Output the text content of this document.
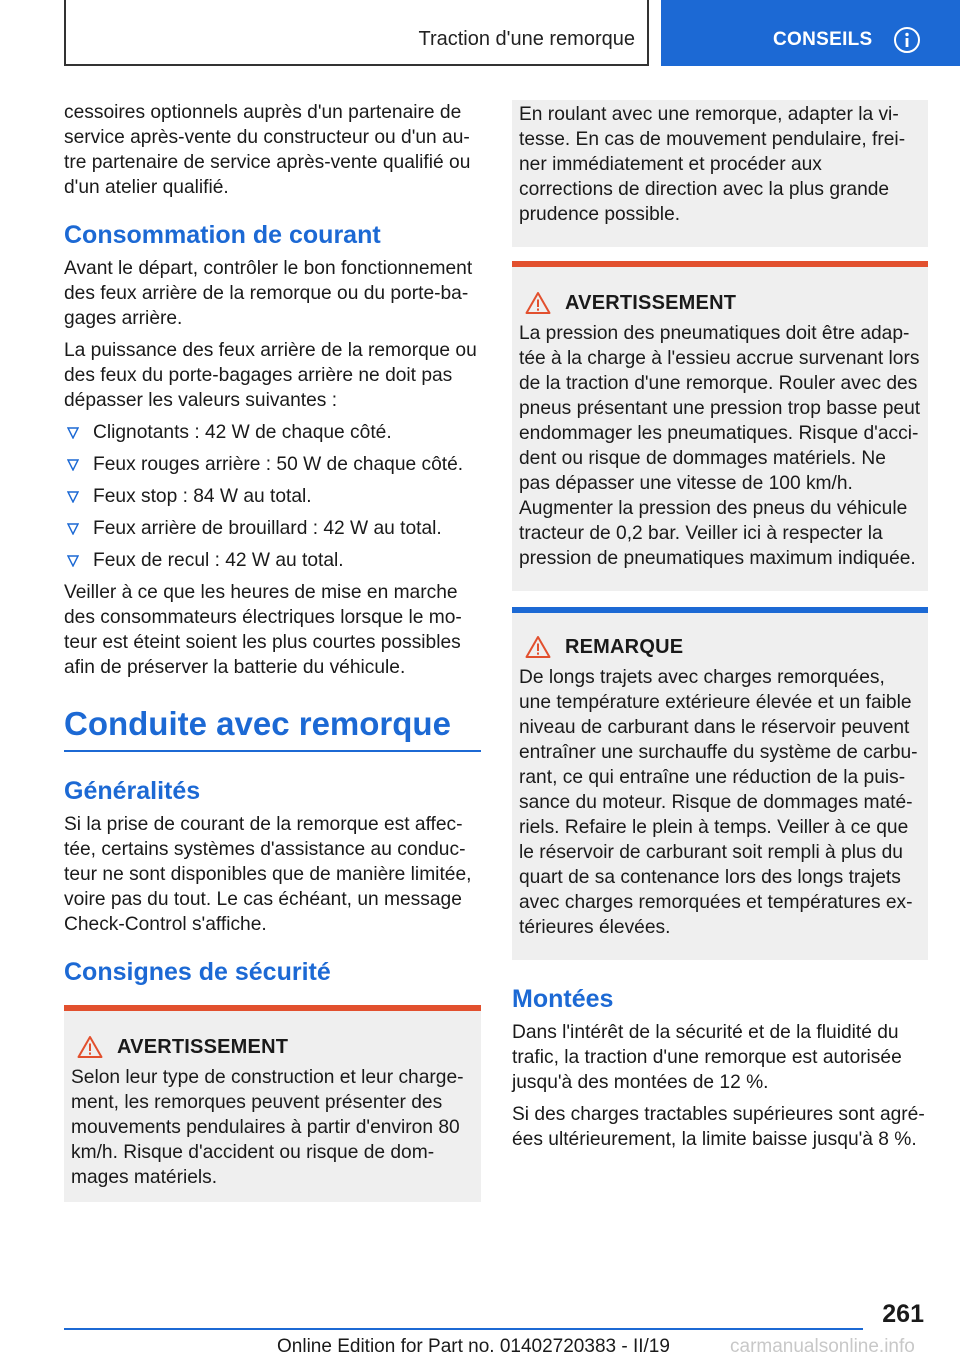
Traction d'une remorque	CONSEILS

cessoires optionnels auprès d'un partenaire de service après-vente du constructeur ou d'un autre partenaire de service après-vente qualifié ou d'un atelier qualifié.

Consommation de courant

Avant le départ, contrôler le bon fonctionnement des feux arrière de la remorque ou du porte-bagages arrière.

La puissance des feux arrière de la remorque ou des feux du porte-bagages arrière ne doit pas dépasser les valeurs suivantes :

Clignotants : 42 W de chaque côté.
Feux rouges arrière : 50 W de chaque côté.
Feux stop : 84 W au total.
Feux arrière de brouillard : 42 W au total.
Feux de recul : 42 W au total.

Veiller à ce que les heures de mise en marche des consommateurs électriques lorsque le moteur est éteint soient les plus courtes possibles afin de préserver la batterie du véhicule.

Conduite avec remorque
Généralités

Si la prise de courant de la remorque est affectée, certains systèmes d'assistance au conducteur ne sont disponibles que de manière limitée, voire pas du tout. Le cas échéant, un message Check-Control s'affiche.

Consignes de sécurité
AVERTISSEMENT

Selon leur type de construction et leur chargement, les remorques peuvent présenter des mouvements pendulaires à partir d'environ 80 km/h. Risque d'accident ou risque de dommages matériels.

En roulant avec une remorque, adapter la vitesse. En cas de mouvement pendulaire, freiner immédiatement et procéder aux corrections de direction avec la plus grande prudence possible.

AVERTISSEMENT

La pression des pneumatiques doit être adaptée à la charge à l'essieu accrue survenant lors de la traction d'une remorque. Rouler avec des pneus présentant une pression trop basse peut endommager les pneumatiques. Risque d'accident ou risque de dommages matériels. Ne pas dépasser une vitesse de 100 km/h. Augmenter la pression des pneus du véhicule tracteur de 0,2 bar. Veiller ici à respecter la pression de pneumatiques maximum indiquée.

REMARQUE

De longs trajets avec charges remorquées, une température extérieure élevée et un faible niveau de carburant dans le réservoir peuvent entraîner une surchauffe du système de carburant, ce qui entraîne une réduction de la puissance du moteur. Risque de dommages matériels. Refaire le plein à temps. Veiller à ce que le réservoir de carburant soit rempli à plus du quart de sa contenance lors des longs trajets avec charges remorquées et températures extérieures élevées.

Montées

Dans l'intérêt de la sécurité et de la fluidité du trafic, la traction d'une remorque est autorisée jusqu'à des montées de 12 %.

Si des charges tractables supérieures sont agréées ultérieurement, la limite baisse jusqu'à 8 %.

261
Online Edition for Part no. 01402720383 - II/19	carmanualsonline.info
